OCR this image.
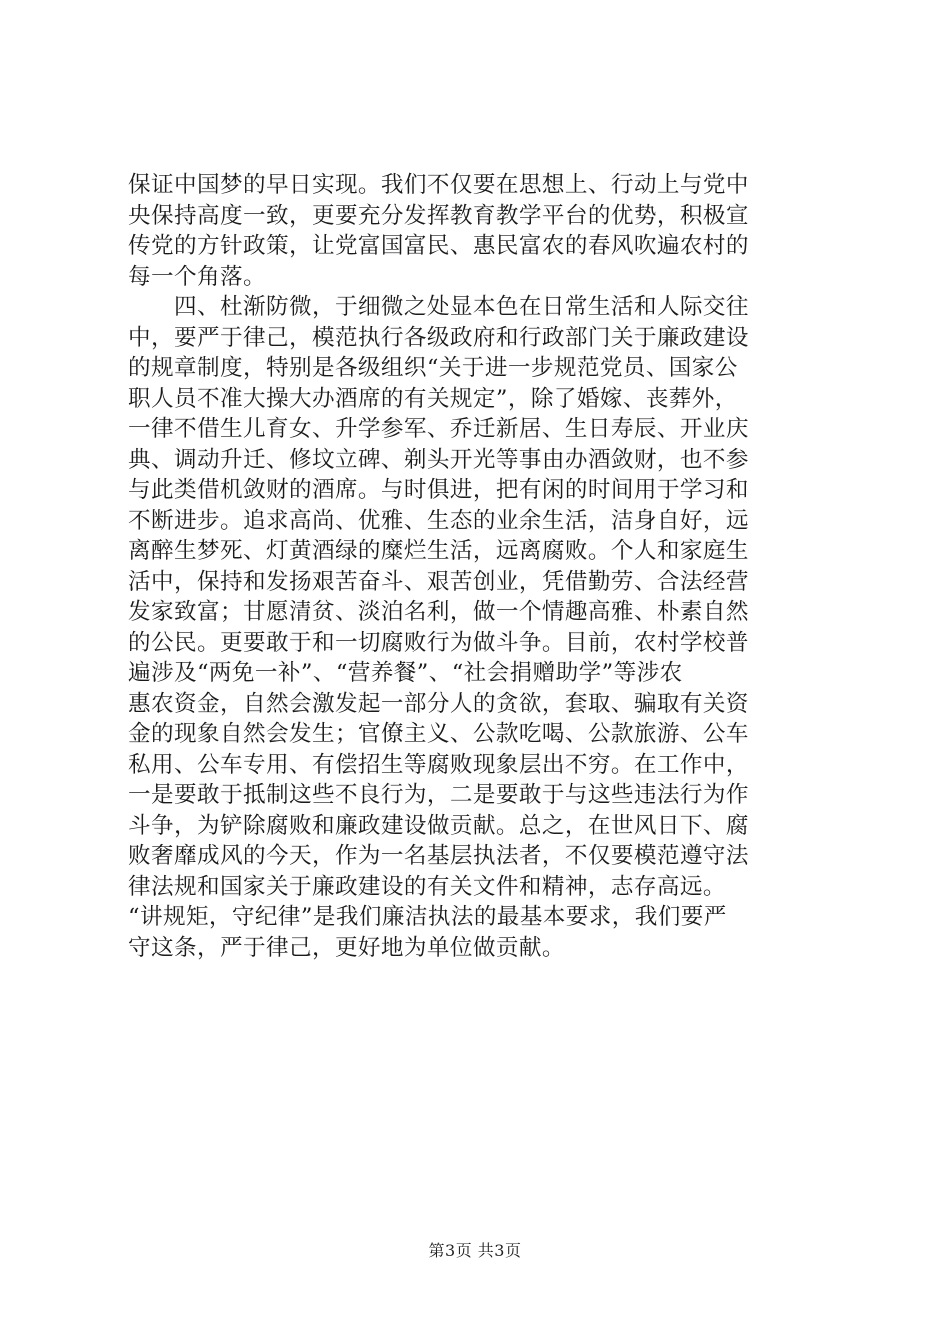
保证中国梦的早日实现。我们不仅要在思想上、行动上与党中
央保持高度一致，更要充分发挥教育教学平台的优势，积极宣
传党的方针政策，让党富国富民、惠民富农的春风吹遍农村的
每一个角落。
　　四、杜渐防微，于细微之处显本色在日常生活和人际交往
中，要严于律己，模范执行各级政府和行政部门关于廉政建设
的规章制度，特别是各级组织“关于进一步规范党员、国家公
职人员不准大操大办酒席的有关规定”，除了婚嫁、丧葬外，
一律不借生儿育女、升学参军、乔迁新居、生日寿辰、开业庆
典、调动升迁、修坟立碑、剃头开光等事由办酒敛财，也不参
与此类借机敛财的酒席。与时俱进，把有闲的时间用于学习和
不断进步。追求高尚、优雅、生态的业余生活，洁身自好，远
离醉生梦死、灯黄酒绿的糜烂生活，远离腐败。个人和家庭生
活中，保持和发扬艰苦奋斗、艰苦创业，凭借勤劳、合法经营
发家致富；甘愿清贫、淡泊名利，做一个情趣高雅、朴素自然
的公民。更要敢于和一切腐败行为做斗争。目前，农村学校普
遍涉及“两免一补”、“营养餐”、“社会捐赠助学”等涉农
惠农资金，自然会激发起一部分人的贪欲，套取、骗取有关资
金的现象自然会发生；官僚主义、公款吃喝、公款旅游、公车
私用、公车专用、有偿招生等腐败现象层出不穷。在工作中，
一是要敢于抵制这些不良行为，二是要敢于与这些违法行为作
斗争，为铲除腐败和廉政建设做贡献。总之，在世风日下、腐
败奢靡成风的今天，作为一名基层执法者，不仅要模范遵守法
律法规和国家关于廉政建设的有关文件和精神，志存高远。
“讲规矩，守纪律”是我们廉洁执法的最基本要求，我们要严
守这条，严于律己，更好地为单位做贡献。
第3页 共3页
